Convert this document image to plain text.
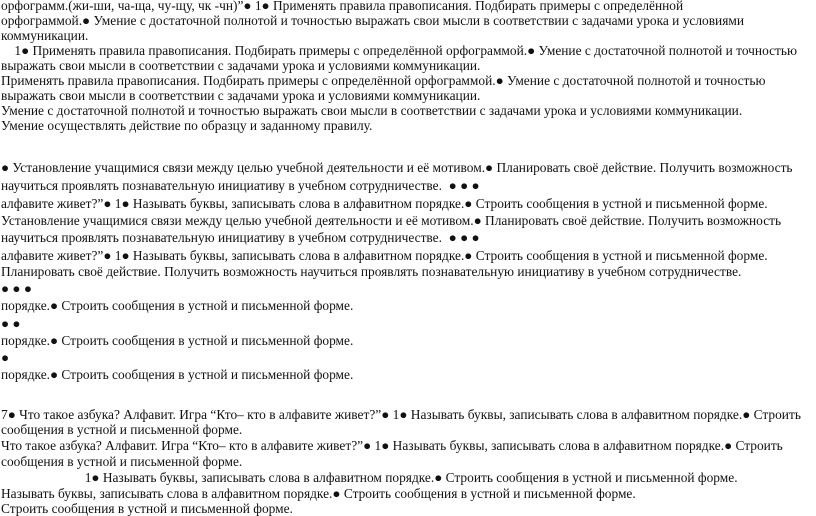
орфограмм.(жи-ши, ча-ща, чу-щу, чк -чн)”● 1● Применять правила правописания. Подбирать примеры с определённой
орфограммой.● Умение с достаточной полнотой и точностью выражать свои мысли в соответствии с задачами урока и условиями
коммуникации.
1● Применять правила правописания. Подбирать примеры с определённой орфограммой.● Умение с достаточной полнотой и точностью
выражать свои мысли в соответствии с задачами урока и условиями коммуникации.
Применять правила правописания. Подбирать примеры с определённой орфограммой.● Умение с достаточной полнотой и точностью
выражать свои мысли в соответствии с задачами урока и условиями коммуникации.
Умение с достаточной полнотой и точностью выражать свои мысли в соответствии с задачами урока и условиями коммуникации.
Умение осуществлять действие по образцу и заданному правилу.
● Установление учащимися связи между целью учебной деятельности и её мотивом.● Планировать своё действие. Получить возможность
научиться проявлять познавательную инициативу в учебном сотрудничестве.  ● ● ●
алфавите живет?”● 1● Называть буквы, записывать слова в алфавитном порядке.● Строить сообщения в устной и письменной форме.
Установление учащимися связи между целью учебной деятельности и её мотивом.● Планировать своё действие. Получить возможность
научиться проявлять познавательную инициативу в учебном сотрудничестве.  ● ● ●
алфавите живет?”● 1● Называть буквы, записывать слова в алфавитном порядке.● Строить сообщения в устной и письменной форме.
Планировать своё действие. Получить возможность научиться проявлять познавательную инициативу в учебном сотрудничестве.
● ● ●
порядке.● Строить сообщения в устной и письменной форме.
● ●
порядке.● Строить сообщения в устной и письменной форме.
●
порядке.● Строить сообщения в устной и письменной форме.
7● Что такое азбука? Алфавит. Игра “Кто– кто в алфавите живет?”● 1● Называть буквы, записывать слова в алфавитном порядке.● Строить
сообщения в устной и письменной форме.
Что такое азбука? Алфавит. Игра “Кто– кто в алфавите живет?”● 1● Называть буквы, записывать слова в алфавитном порядке.● Строить
сообщения в устной и письменной форме.
1● Называть буквы, записывать слова в алфавитном порядке.● Строить сообщения в устной и письменной форме.
Называть буквы, записывать слова в алфавитном порядке.● Строить сообщения в устной и письменной форме.
Строить сообщения в устной и письменной форме.
